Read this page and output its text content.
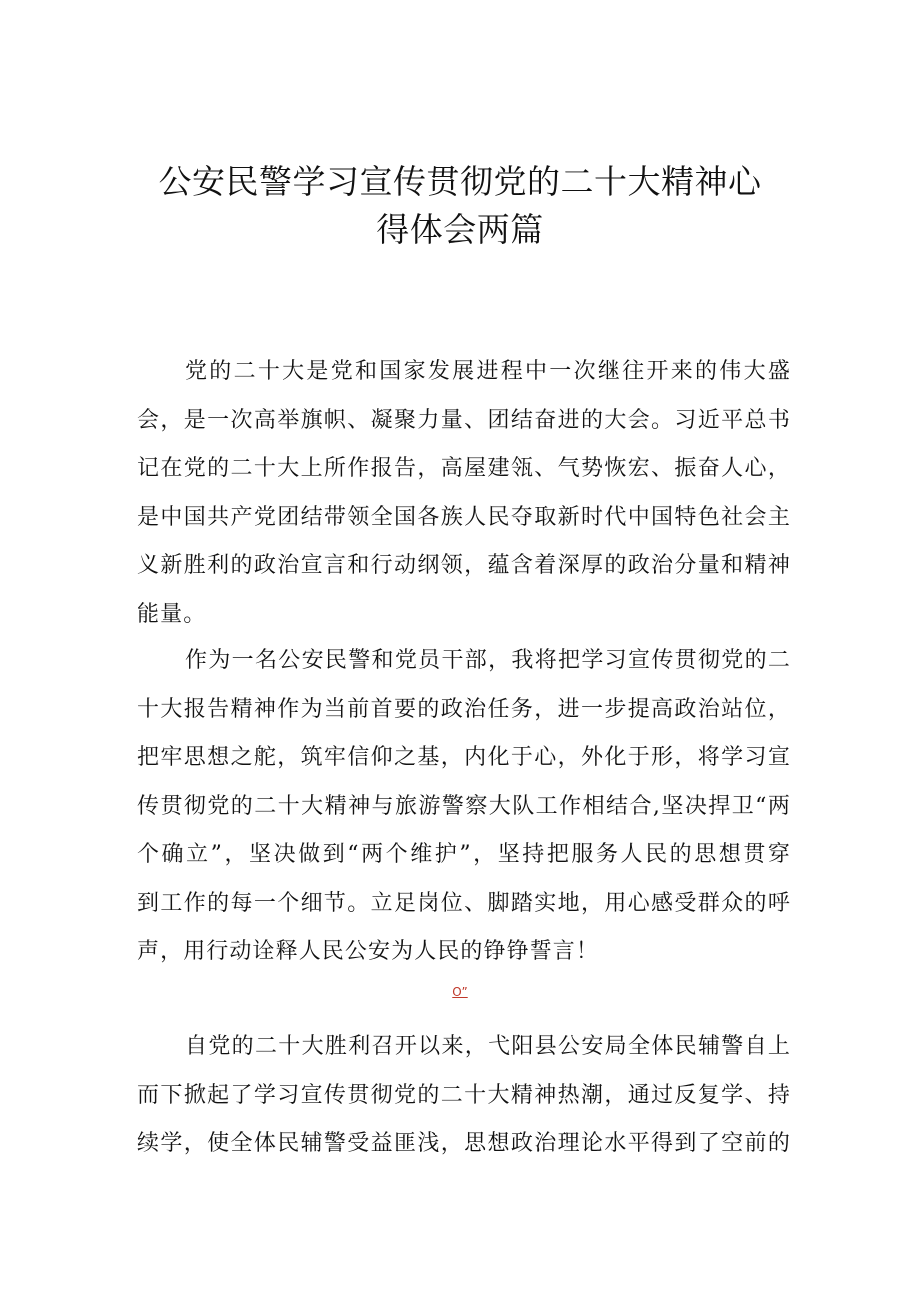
公安民警学习宣传贯彻党的二十大精神心
得体会两篇

党的二十大是党和国家发展进程中一次继往开来的伟大盛
会，是一次高举旗帜、凝聚力量、团结奋进的大会。习近平总书
记在党的二十大上所作报告，高屋建瓴、气势恢宏、振奋人心，
是中国共产党团结带领全国各族人民夺取新时代中国特色社会主
义新胜利的政治宣言和行动纲领，蕴含着深厚的政治分量和精神
能量。

作为一名公安民警和党员干部，我将把学习宣传贯彻党的二
十大报告精神作为当前首要的政治任务，进一步提高政治站位，
把牢思想之舵，筑牢信仰之基，内化于心，外化于形，将学习宣
传贯彻党的二十大精神与旅游警察大队工作相结合,坚决捍卫“两
个确立”，坚决做到“两个维护”，坚持把服务人民的思想贯穿
到工作的每一个细节。立足岗位、脚踏实地，用心感受群众的呼
声，用行动诠释人民公安为人民的铮铮誓言！

O”

自党的二十大胜利召开以来，弋阳县公安局全体民辅警自上
而下掀起了学习宣传贯彻党的二十大精神热潮，通过反复学、持
续学，使全体民辅警受益匪浅，思想政治理论水平得到了空前的
